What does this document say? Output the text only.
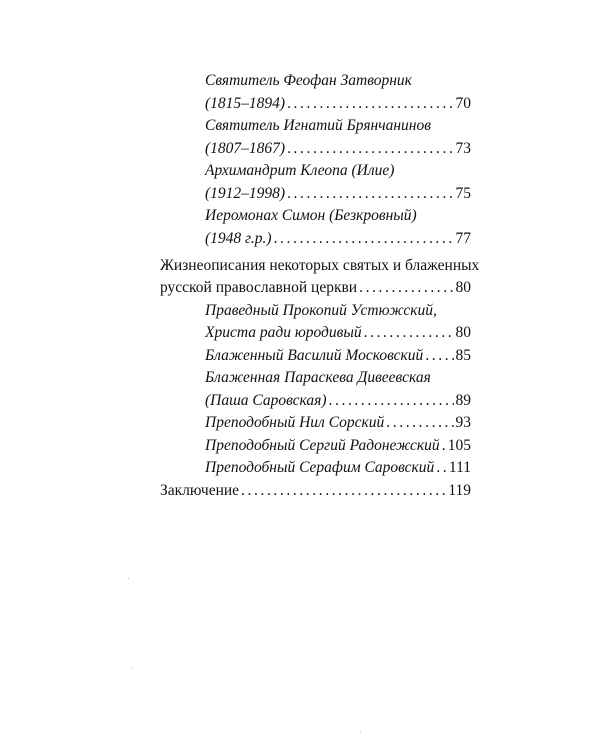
Святитель Феофан Затворник
(1815–1894) .....	70
Святитель Игнатий Брянчанинов
(1807–1867) .....	73
Архимандрит Клеопа (Илие)
(1912–1998) .....	75
Иеромонах Симон (Безкровный)
(1948 г.р.) .....	77
Жизнеописания некоторых святых и блаженных
русской православной церкви .....	80
Праведный Прокопий Устюжский,
Христа ради юродивый .....	80
Блаженный Василий Московский ..... 85
Блаженная Параскева Дивеевская
(Паша Саровская) .....	89
Преподобный Нил Сорский .....	93
Преподобный Сергий Радонежский ..... 105
Преподобный Серафим Саровский ..... 111
Заключение .....	119
